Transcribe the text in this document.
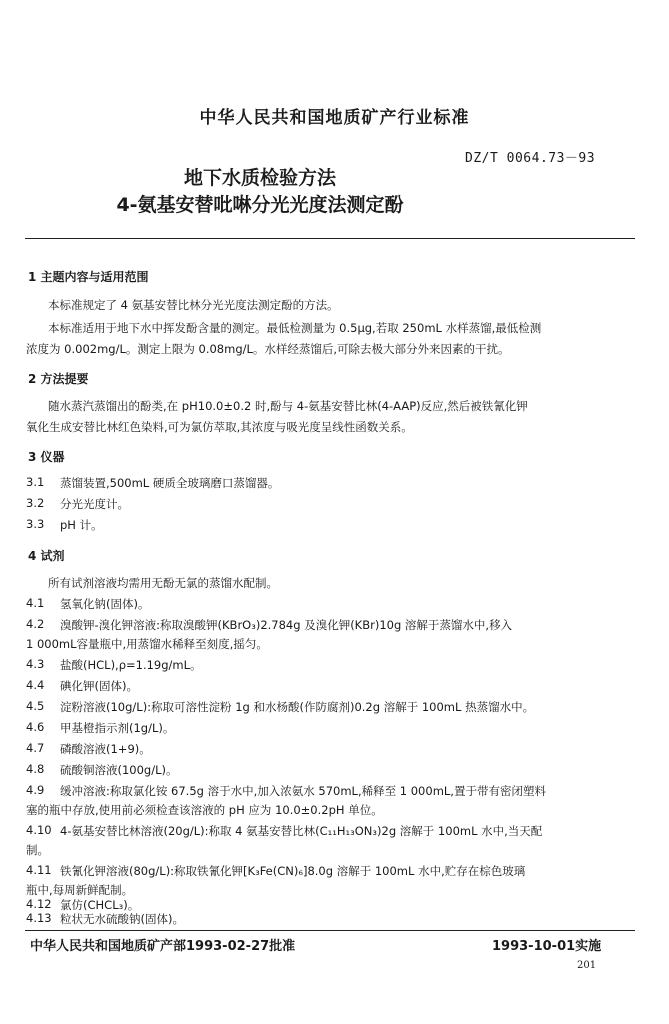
中华人民共和国地质矿产行业标准
DZ/T 0064.73－93
地下水质检验方法
4-氨基安替吡啉分光光度法测定酚
1 主题内容与适用范围
本标准规定了 4 氨基安替比林分光光度法测定酚的方法。
本标准适用于地下水中挥发酚含量的测定。最低检测量为 0.5μg,若取 250mL 水样蒸馏,最低检测
浓度为 0.002mg/L。测定上限为 0.08mg/L。水样经蒸馏后,可除去极大部分外来因素的干扰。
2 方法提要
随水蒸汽蒸馏出的酚类,在 pH10.0±0.2 时,酚与 4-氨基安替比林(4-AAP)反应,然后被铁氰化钾
氧化生成安替比林红色染料,可为氯仿萃取,其浓度与吸光度呈线性函数关系。
3 仪器
3.1 蒸馏装置,500mL 硬质全玻璃磨口蒸馏器。
3.2 分光光度计。
3.3 pH 计。
4 试剂
所有试剂溶液均需用无酚无氯的蒸馏水配制。
4.1 氢氧化钠(固体)。
4.2 溴酸钾-溴化钾溶液:称取溴酸钾(KBrO₃)2.784g 及溴化钾(KBr)10g 溶解于蒸馏水中,移入
1 000mL容量瓶中,用蒸馏水稀释至刻度,摇匀。
4.3 盐酸(HCL),ρ=1.19g/mL。
4.4 碘化钾(固体)。
4.5 淀粉溶液(10g/L):称取可溶性淀粉 1g 和水杨酸(作防腐剂)0.2g 溶解于 100mL 热蒸馏水中。
4.6 甲基橙指示剂(1g/L)。
4.7 磷酸溶液(1+9)。
4.8 硫酸铜溶液(100g/L)。
4.9 缓冲溶液:称取氯化铵 67.5g 溶于水中,加入浓氨水 570mL,稀释至 1 000mL,置于带有密闭塑料
塞的瓶中存放,使用前必须检查该溶液的 pH 应为 10.0±0.2pH 单位。
4.10 4-氨基安替比林溶液(20g/L):称取 4 氨基安替比林(C₁₁H₁₃ON₃)2g 溶解于 100mL 水中,当天配
制。
4.11 铁氰化钾溶液(80g/L):称取铁氰化钾[K₃Fe(CN)₆]8.0g 溶解于 100mL 水中,贮存在棕色玻璃
瓶中,每周新鲜配制。
4.12 氯仿(CHCL₃)。
4.13 粒状无水硫酸钠(固体)。
中华人民共和国地质矿产部1993-02-27批准	1993-10-01实施
201
